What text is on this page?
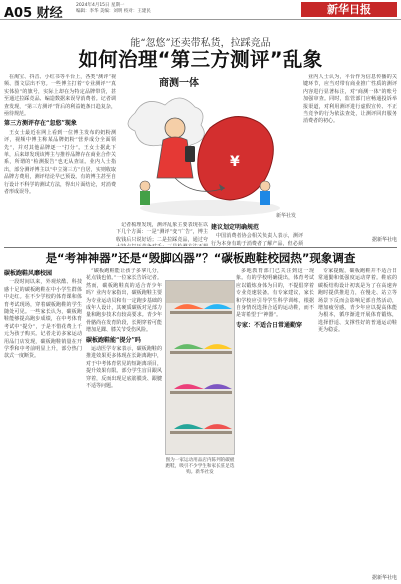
A05 财经
2024年4月15日 星期一
编辑：李华 美编：刘明 校对：王建民	新华日报
能“忽悠”还卖带私货，拉踩竞品
如何治理“第三方测评”乱象

在淘宝、抖音、小红书等平台上，各类“测评”视频、图文层出不穷。一些博主打着“专业测评”“真实体验”的旗号，实际上却在为特定品牌带货，甚至通过拉踩竞品、编造数据来误导消费者。记者调查发现，“第三方测评”背后的利益链条日趋复杂，亟待规范。

第三方测评存在“忽悠”现象

王女士最近在网上看到一位博主发布的奶粉测评，视频中博主称某品牌奶粉“营养成分全面领先”，并对其他品牌逐一“打分”。王女士据此下单，后来却发现该博主与推荐品牌存在商业合作关系，所谓的“检测报告”也无从查证。业内人士指出，部分测评博主以“中立第三方”自居，实则收取品牌方费用，测评结论早已预设。有的博主甚至自行设计不科学的测试方法，得出片面结论，对消费者形成误导。

商测一体
¥
新华社发

记者梳理发现，测评乱象主要表现在以下几个方面：一是“测评”变“广告”，博主收钱后只说好话；二是拉踩竞品，通过夸

建议划定明确规范

中国消费者协会相关负责人表示，测评行为本身有助于消费者了解产品，但必须

业内人士认为，平台作为信息传播的关键环节，应当对带有商业推广性质的测评内容进行显著标注，对“商测一体”的账号加强审查。同时，监管部门应畅通投诉举报渠道，对利用测评进行虚假宣传、不正当竞争的行为依法查处，让测评回归服务消费者的初心。

据新华社电
是“考神神器”还是“毁脚凶器”？“碳板跑鞋校园热”现象调查
碳板跑鞋风靡校园

一段时间以来，外观炫酷、科技感十足的碳板跑鞋在中小学生群体中走红。在不少学校的体育课和体育考试现场，穿着碳板跑鞋的学生随处可见。一些家长认为，碳板跑鞋能够提高跑步成绩，在中考体育考试中“提分”，于是不惜花费上千元为孩子购买。记者走访多家运动用品门店发现，碳板跑鞋销量在开学季和中考前明显上升，部分热门款式一度断货。

“碳板跑鞋能让孩子多拿几分，花点钱也值。”一位家长告诉记者。然而，碳板跑鞋真的适合青少年吗？业内专家指出，碳板跑鞋主要为专业运动员和有一定跑步基础的成年人设计，其硬质碳板对足部力量和跑步技术有较高要求。青少年骨骼尚在发育阶段，长期穿着可能增加足踝、膝关节受伤风险。

碳板跑鞋能“提分”吗

运动医学专家表示，碳板跑鞋的推进效果更多体现在长距离跑中，对于中考体育常见的短距离项目，提升效果有限。部分学生盲目跟风穿着，反而出现足底筋膜炎、跟腱不适等问题。

图为一家运动用品店内陈列的碳板跑鞋，吸引不少学生和家长驻足选购。新华社发

多地教育部门已关注到这一现象。有的学校明确提出，体育考试应以锻炼身体为目的，不提倡穿着专业竞速装备。有专家建议，家长和学校应引导学生科学训练，根据自身情况选择合适的运动鞋，而不是寄希望于“神器”。

专家：不适合日常通勤穿

专家提醒，碳板跑鞋并不适合日常通勤和低强度运动穿着。鞋底的碳板结构设计初衷是为了在高速奔跑时提供推进力，在慢走、站立等场景下反而会影响足部自然活动，增加疲劳感。青少年应以提高体能为根本，循序渐进开展体育锻炼，选择舒适、支撑性好的普通运动鞋更为稳妥。

据新华社电
